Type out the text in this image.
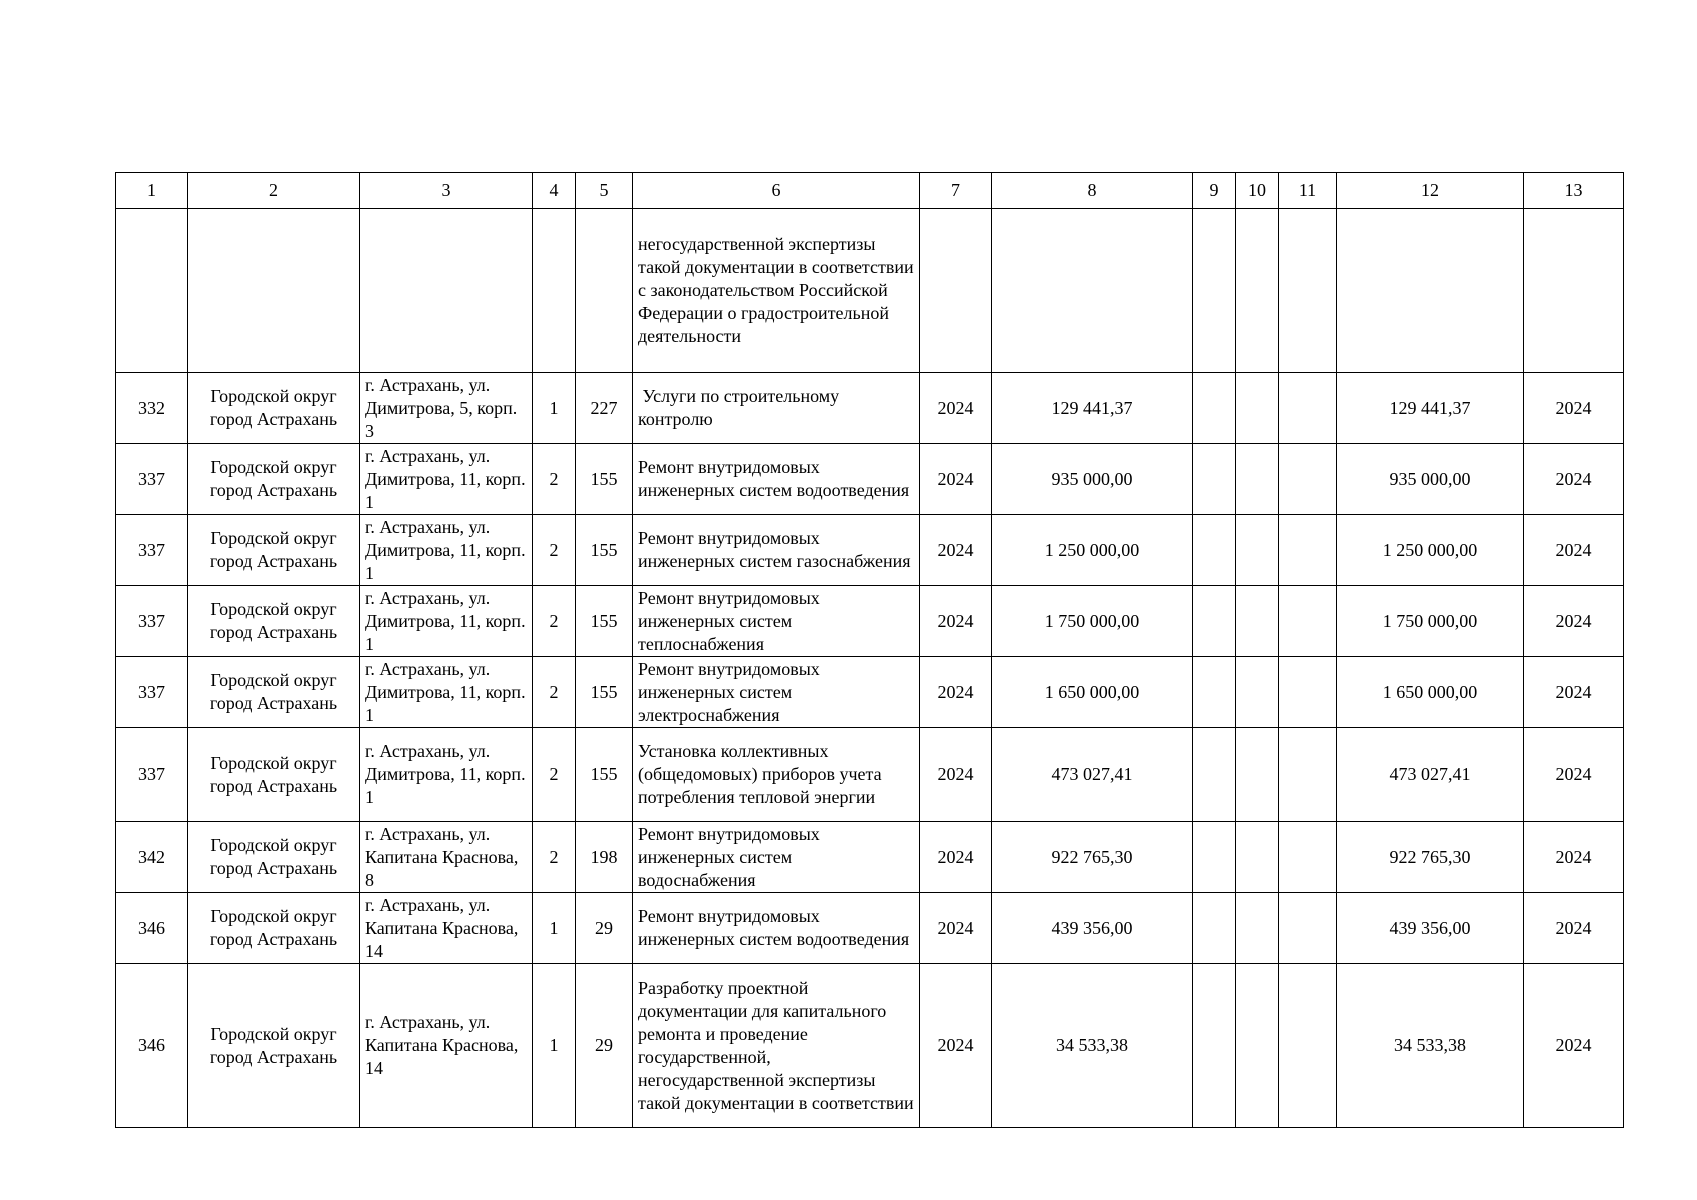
1	2	3	4	5	6	7	8	9	10	11	12	13
					негосударственной экспертизы такой документации в соответствии с законодательством Российской Федерации о градостроительной деятельности							
332	Городской округ город Астрахань	г. Астрахань, ул. Димитрова, 5, корп. 3	1	227	Услуги по строительному контролю	2024	129 441,37				129 441,37	2024
337	Городской округ город Астрахань	г. Астрахань, ул. Димитрова, 11, корп. 1	2	155	Ремонт внутридомовых инженерных систем водоотведения	2024	935 000,00				935 000,00	2024
337	Городской округ город Астрахань	г. Астрахань, ул. Димитрова, 11, корп. 1	2	155	Ремонт внутридомовых инженерных систем газоснабжения	2024	1 250 000,00				1 250 000,00	2024
337	Городской округ город Астрахань	г. Астрахань, ул. Димитрова, 11, корп. 1	2	155	Ремонт внутридомовых инженерных систем теплоснабжения	2024	1 750 000,00				1 750 000,00	2024
337	Городской округ город Астрахань	г. Астрахань, ул. Димитрова, 11, корп. 1	2	155	Ремонт внутридомовых инженерных систем электроснабжения	2024	1 650 000,00				1 650 000,00	2024
337	Городской округ город Астрахань	г. Астрахань, ул. Димитрова, 11, корп. 1	2	155	Установка коллективных (общедомовых) приборов учета потребления тепловой энергии	2024	473 027,41				473 027,41	2024
342	Городской округ город Астрахань	г. Астрахань, ул. Капитана Краснова, 8	2	198	Ремонт внутридомовых инженерных систем водоснабжения	2024	922 765,30				922 765,30	2024
346	Городской округ город Астрахань	г. Астрахань, ул. Капитана Краснова, 14	1	29	Ремонт внутридомовых инженерных систем водоотведения	2024	439 356,00				439 356,00	2024
346	Городской округ город Астрахань	г. Астрахань, ул. Капитана Краснова, 14	1	29	Разработку проектной документации для капитального ремонта и проведение государственной, негосударственной экспертизы такой документации в соответствии	2024	34 533,38				34 533,38	2024
